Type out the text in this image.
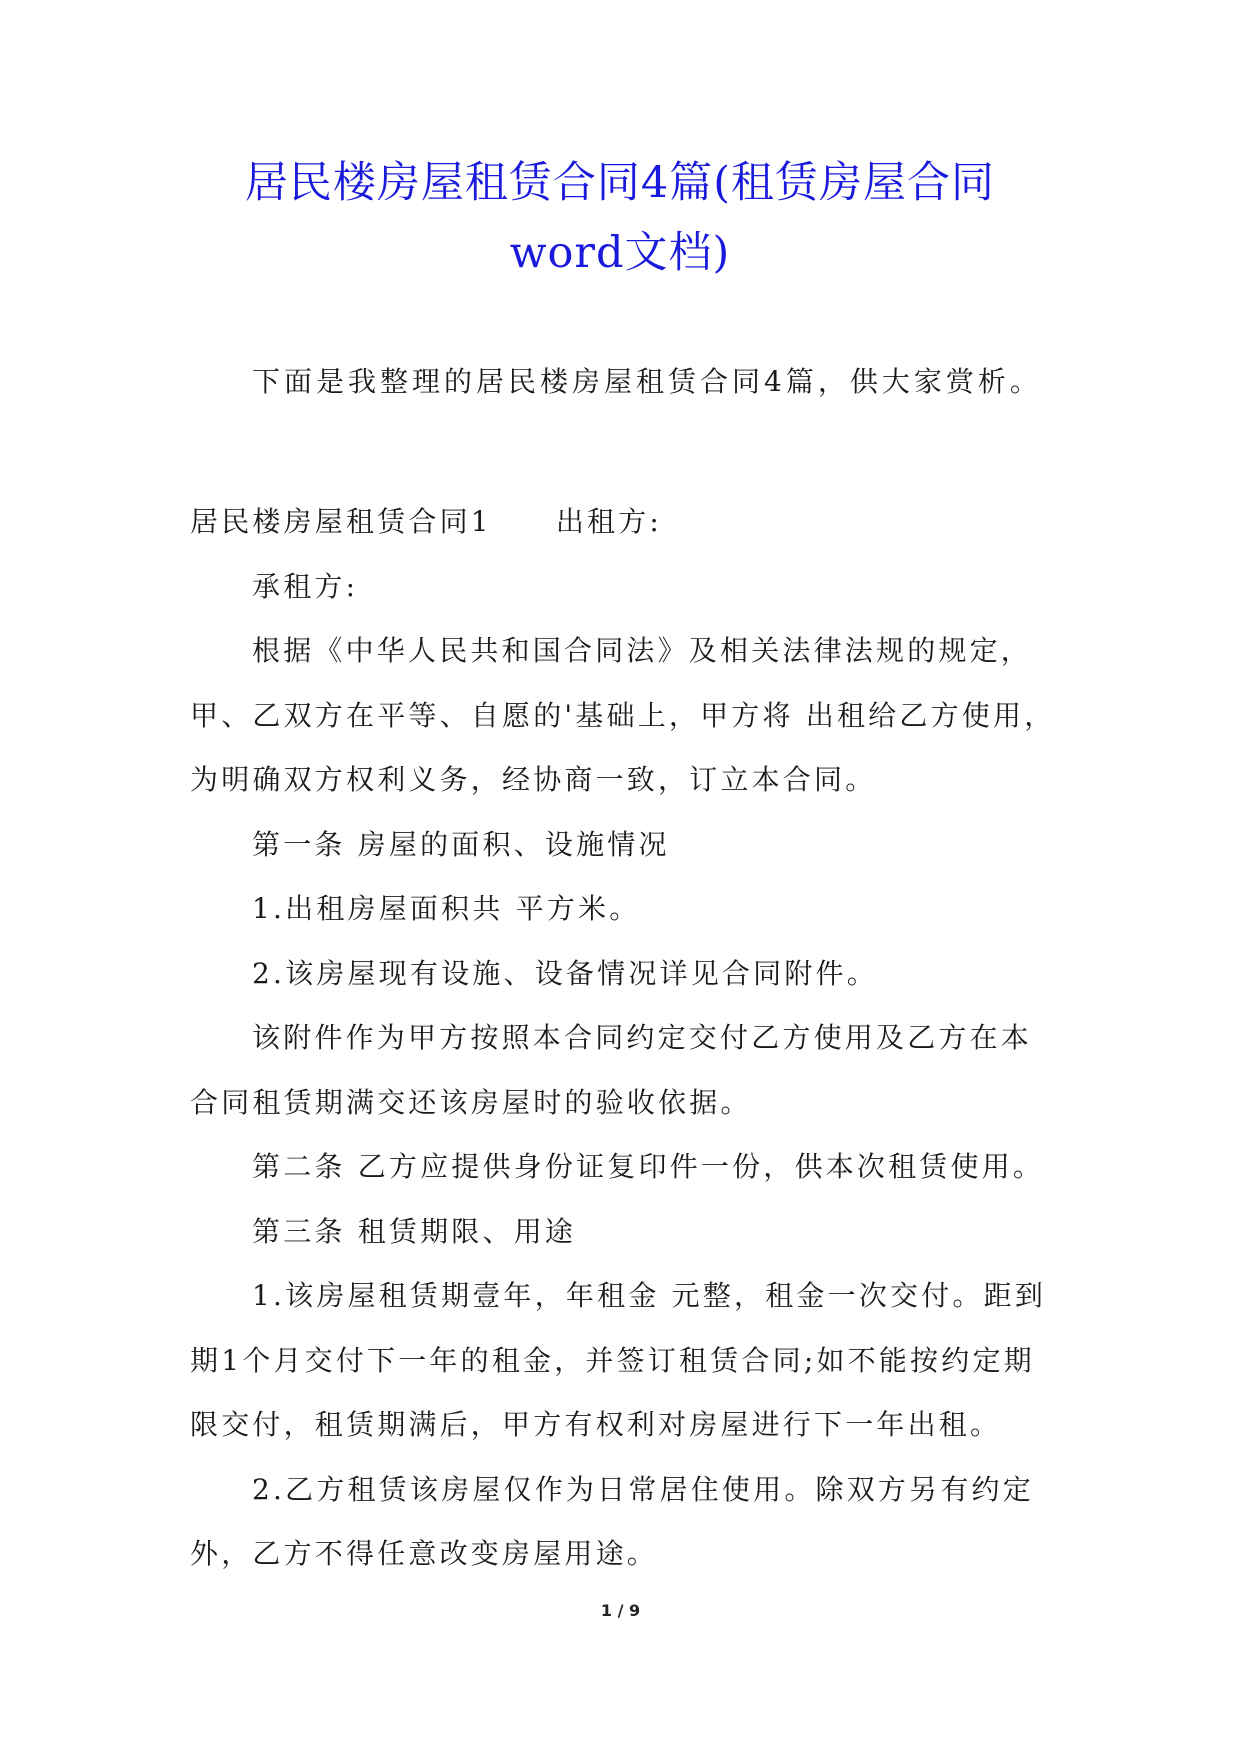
居民楼房屋租赁合同4篇(租赁房屋合同
word文档)

下面是我整理的居民楼房屋租赁合同4篇，供大家赏析。

居民楼房屋租赁合同1 出租方:

承租方:

根据《中华人民共和国合同法》及相关法律法规的规定，甲、乙双方在平等、自愿的'基础上，甲方将 出租给乙方使用，为明确双方权利义务，经协商一致，订立本合同。

第一条 房屋的面积、设施情况

1.出租房屋面积共 平方米。

2.该房屋现有设施、设备情况详见合同附件。

该附件作为甲方按照本合同约定交付乙方使用及乙方在本合同租赁期满交还该房屋时的验收依据。

第二条 乙方应提供身份证复印件一份，供本次租赁使用。

第三条 租赁期限、用途

1.该房屋租赁期壹年，年租金 元整，租金一次交付。距到期1个月交付下一年的租金，并签订租赁合同;如不能按约定期限交付，租赁期满后，甲方有权利对房屋进行下一年出租。

2.乙方租赁该房屋仅作为日常居住使用。除双方另有约定外，乙方不得任意改变房屋用途。

1 / 9
